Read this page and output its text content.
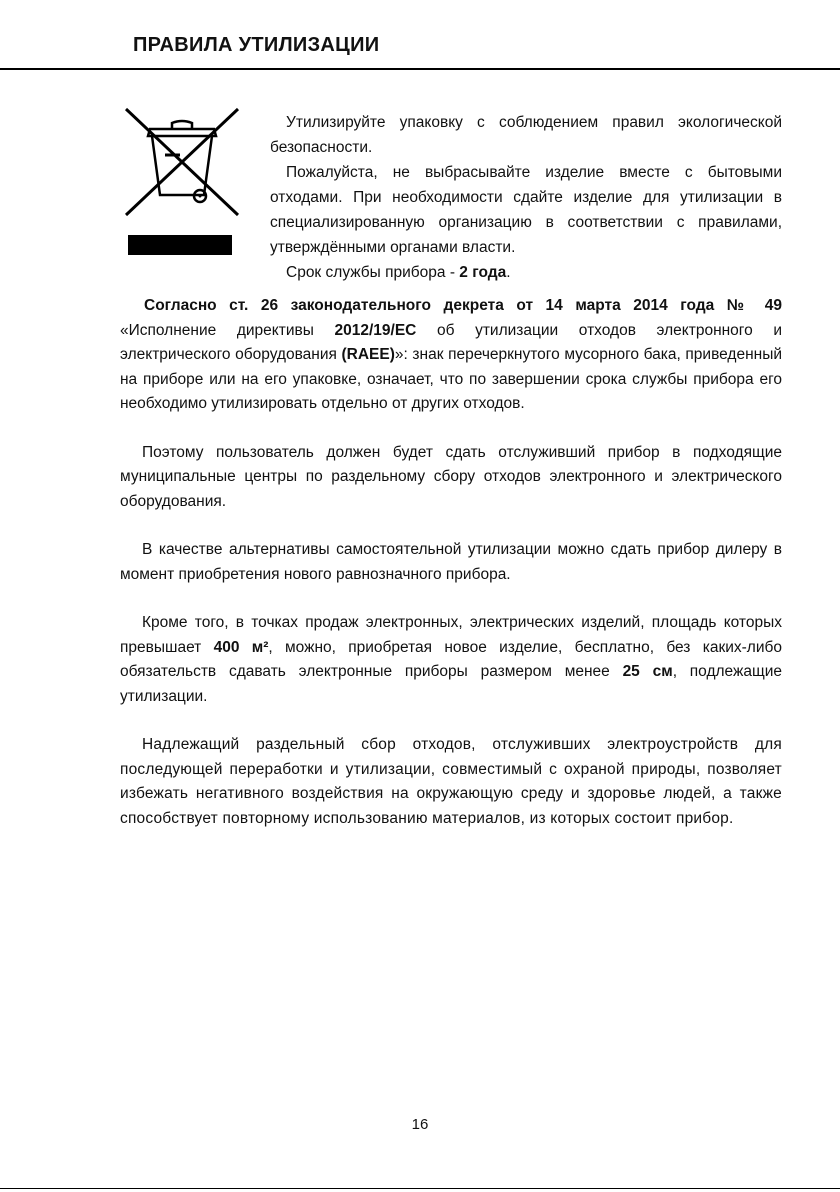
ПРАВИЛА УТИЛИЗАЦИИ

Утилизируйте упаковку с соблюдением правил экологической безопасности.

Пожалуйста, не выбрасывайте изделие вместе с бытовыми отходами. При необходимости сдайте изделие для утилизации в специализированную организацию в соответствии с правилами, утверждёнными органами власти.

Срок службы прибора - 2 года.

Согласно ст. 26 законодательного декрета от 14 марта 2014 года № 49 «Исполнение директивы 2012/19/ЕС об утилизации отходов электронного и электрического оборудования (RAEE)»: знак перечеркнутого мусорного бака, приведенный на приборе или на его упаковке, означает, что по завершении срока службы прибора его необходимо утилизировать отдельно от других отходов.

Поэтому пользователь должен будет сдать отслуживший прибор в подходящие муниципальные центры по раздельному сбору отходов электронного и электрического оборудования.

В качестве альтернативы самостоятельной утилизации можно сдать прибор дилеру в момент приобретения нового равнозначного прибора.

Кроме того, в точках продаж электронных, электрических изделий, площадь которых превышает 400 м², можно, приобретая новое изделие, бесплатно, без каких-либо обязательств сдавать электронные приборы размером менее 25 см, подлежащие утилизации.

Надлежащий раздельный сбор отходов, отслуживших электроустройств для последующей переработки и утилизации, совместимый с охраной природы, позволяет избежать негативного воздействия на окружающую среду и здоровье людей, а также способствует повторному использованию материалов, из которых состоит прибор.

16
